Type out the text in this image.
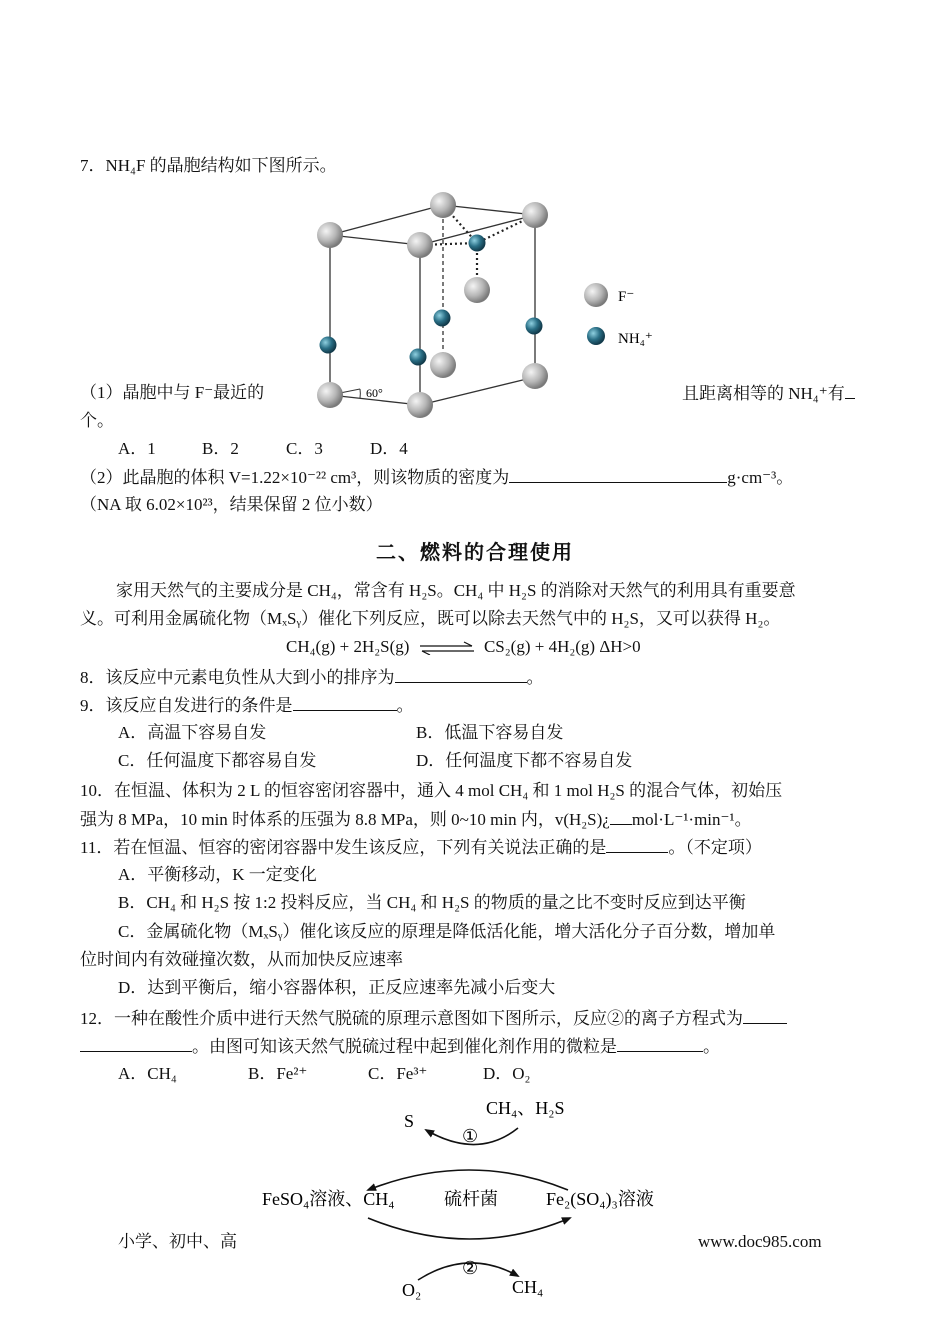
7．NH₄F 的晶胞结构如下图所示。
60°
F⁻
NH₄⁺
（1）晶胞中与 F⁻最近的	且距离相等的 NH₄⁺有
个。
A．1	B．2	C．3	D．4
（2）此晶胞的体积 V=1.22×10⁻²² cm³，则该物质的密度为	g·cm⁻³。
（NA 取 6.02×10²³，结果保留 2 位小数）
二、燃料的合理使用
家用天然气的主要成分是 CH₄，常含有 H₂S。CH₄ 中 H₂S 的消除对天然气的利用具有重要意
义。可利用金属硫化物（MₓSᵧ）催化下列反应，既可以除去天然气中的 H₂S，又可以获得 H₂。
CH₄(g) + 2H₂S(g) ⇌ CS₂(g) + 4H₂(g) ΔH>0
8．该反应中元素电负性从大到小的排序为	。
9．该反应自发进行的条件是	。
A．高温下容易自发	B．低温下容易自发
C．任何温度下都容易自发	D．任何温度下都不容易自发
10．在恒温、体积为 2 L 的恒容密闭容器中，通入 4 mol CH₄ 和 1 mol H₂S 的混合气体，初始压
强为 8 MPa，10 min 时体系的压强为 8.8 MPa，则 0~10 min 内，v(H₂S)¿ mol·L⁻¹·min⁻¹。
11．若在恒温、恒容的密闭容器中发生该反应，下列有关说法正确的是	。（不定项）
A．平衡移动，K 一定变化
B．CH₄ 和 H₂S 按 1:2 投料反应，当 CH₄ 和 H₂S 的物质的量之比不变时反应到达平衡
C．金属硫化物（MₓSᵧ）催化该反应的原理是降低活化能，增大活化分子百分数，增加单
位时间内有效碰撞次数，从而加快反应速率
D．达到平衡后，缩小容器体积，正反应速率先减小后变大
12．一种在酸性介质中进行天然气脱硫的原理示意图如下图所示，反应②的离子方程式为
。由图可知该天然气脱硫过程中起到催化剂作用的微粒是	。
A．CH₄	B．Fe²⁺	C．Fe³⁺	D．O₂
S
①
CH₄、H₂S
FeSO₄溶液、CH₄	硫杆菌	Fe₂(SO₄)₃溶液
②
O₂	CH₄
小学、初中、高	www.doc985.com
